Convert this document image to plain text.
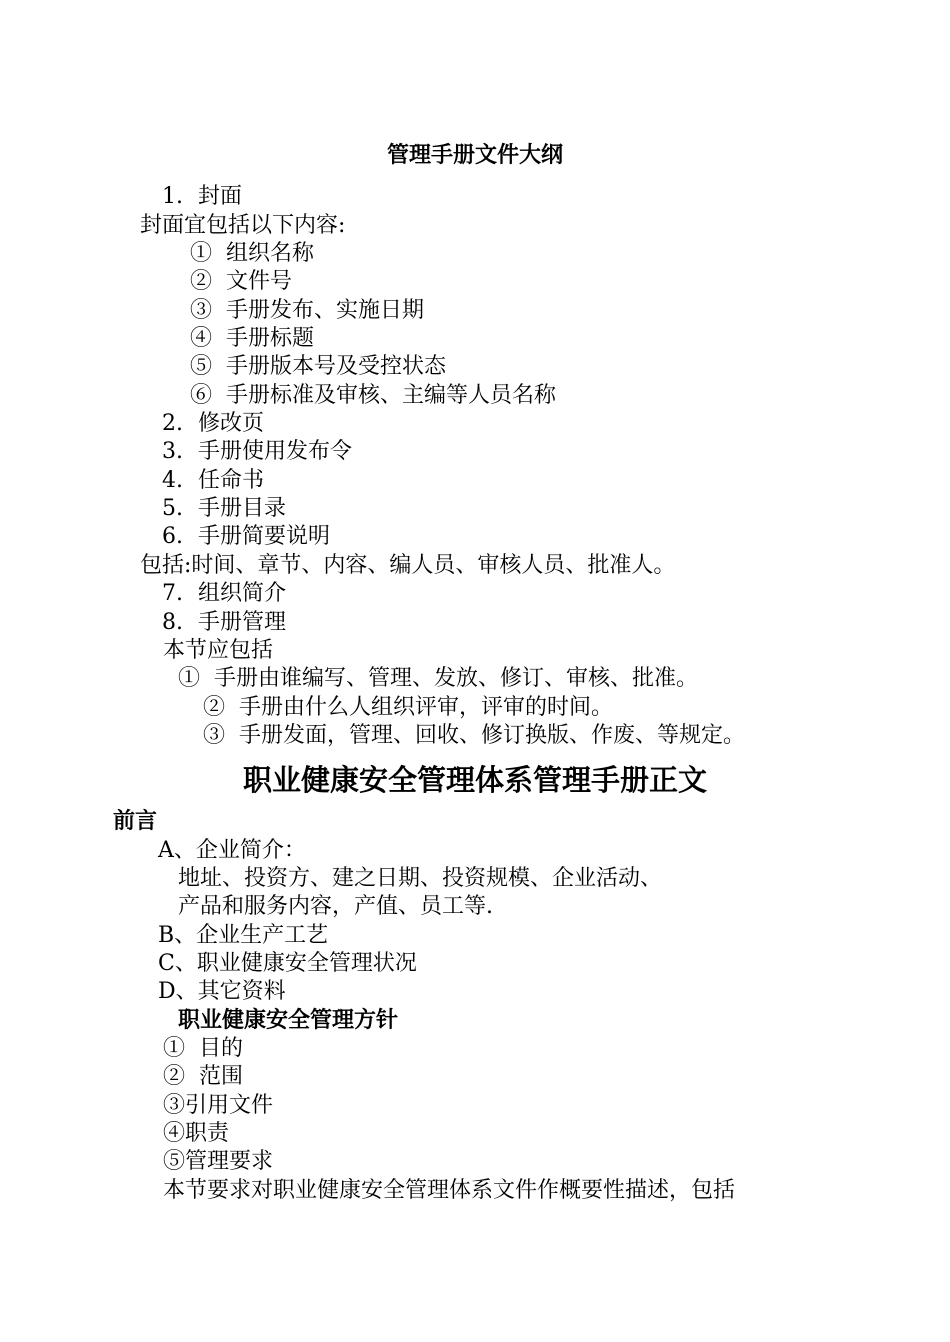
管理手册文件大纲
1. 封面
封面宜包括以下内容:
① 组织名称
② 文件号
③ 手册发布、实施日期
④ 手册标题
⑤ 手册版本号及受控状态
⑥ 手册标准及审核、主编等人员名称
2. 修改页
3. 手册使用发布令
4. 任命书
5. 手册目录
6. 手册简要说明
包括:时间、章节、内容、编人员、审核人员、批准人。
7. 组织简介
8. 手册管理
本节应包括
① 手册由谁编写、管理、发放、修订、审核、批准。
② 手册由什么人组织评审，评审的时间。
③ 手册发面，管理、回收、修订换版、作废、等规定。
职业健康安全管理体系管理手册正文
前言
A、企业简介：
地址、投资方、建之日期、投资规模、企业活动、
产品和服务内容，产值、员工等.
B、企业生产工艺
C、职业健康安全管理状况
D、其它资料
职业健康安全管理方针
① 目的
② 范围
③引用文件
④职责
⑤管理要求
本节要求对职业健康安全管理体系文件作概要性描述，包括
